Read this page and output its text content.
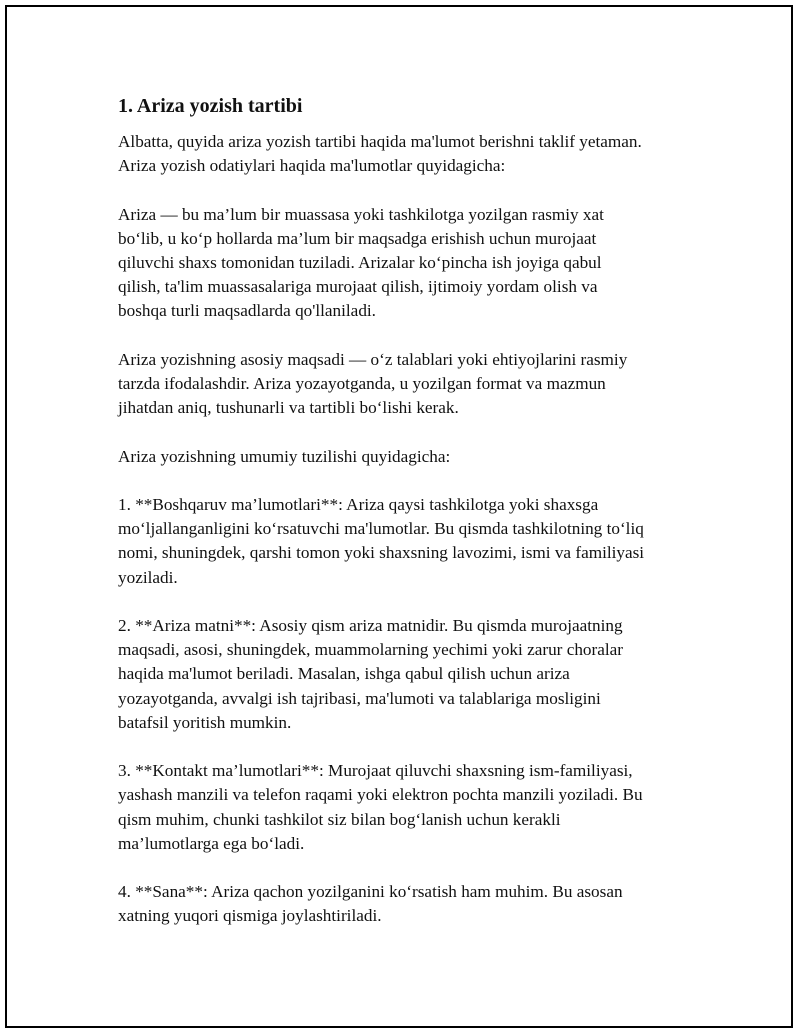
1. Ariza yozish tartibi

Albatta, quyida ariza yozish tartibi haqida ma'lumot berishni taklif yetaman.
Ariza yozish odatiylari haqida ma'lumotlar quyidagicha:

Ariza — bu ma’lum bir muassasa yoki tashkilotga yozilgan rasmiy xat
bo‘lib, u ko‘p hollarda ma’lum bir maqsadga erishish uchun murojaat
qiluvchi shaxs tomonidan tuziladi. Arizalar ko‘pincha ish joyiga qabul
qilish, ta'lim muassasalariga murojaat qilish, ijtimoiy yordam olish va
boshqa turli maqsadlarda qo'llaniladi.

Ariza yozishning asosiy maqsadi — o‘z talablari yoki ehtiyojlarini rasmiy
tarzda ifodalashdir. Ariza yozayotganda, u yozilgan format va mazmun
jihatdan aniq, tushunarli va tartibli bo‘lishi kerak.

Ariza yozishning umumiy tuzilishi quyidagicha:

1. **Boshqaruv ma’lumotlari**: Ariza qaysi tashkilotga yoki shaxsga
mo‘ljallanganligini ko‘rsatuvchi ma'lumotlar. Bu qismda tashkilotning to‘liq
nomi, shuningdek, qarshi tomon yoki shaxsning lavozimi, ismi va familiyasi
yoziladi.

2. **Ariza matni**: Asosiy qism ariza matnidir. Bu qismda murojaatning
maqsadi, asosi, shuningdek, muammolarning yechimi yoki zarur choralar
haqida ma'lumot beriladi. Masalan, ishga qabul qilish uchun ariza
yozayotganda, avvalgi ish tajribasi, ma'lumoti va talablariga mosligini
batafsil yoritish mumkin.

3. **Kontakt ma’lumotlari**: Murojaat qiluvchi shaxsning ism-familiyasi,
yashash manzili va telefon raqami yoki elektron pochta manzili yoziladi. Bu
qism muhim, chunki tashkilot siz bilan bog‘lanish uchun kerakli
ma’lumotlarga ega bo‘ladi.

4. **Sana**: Ariza qachon yozilganini ko‘rsatish ham muhim. Bu asosan
xatning yuqori qismiga joylashtiriladi.
